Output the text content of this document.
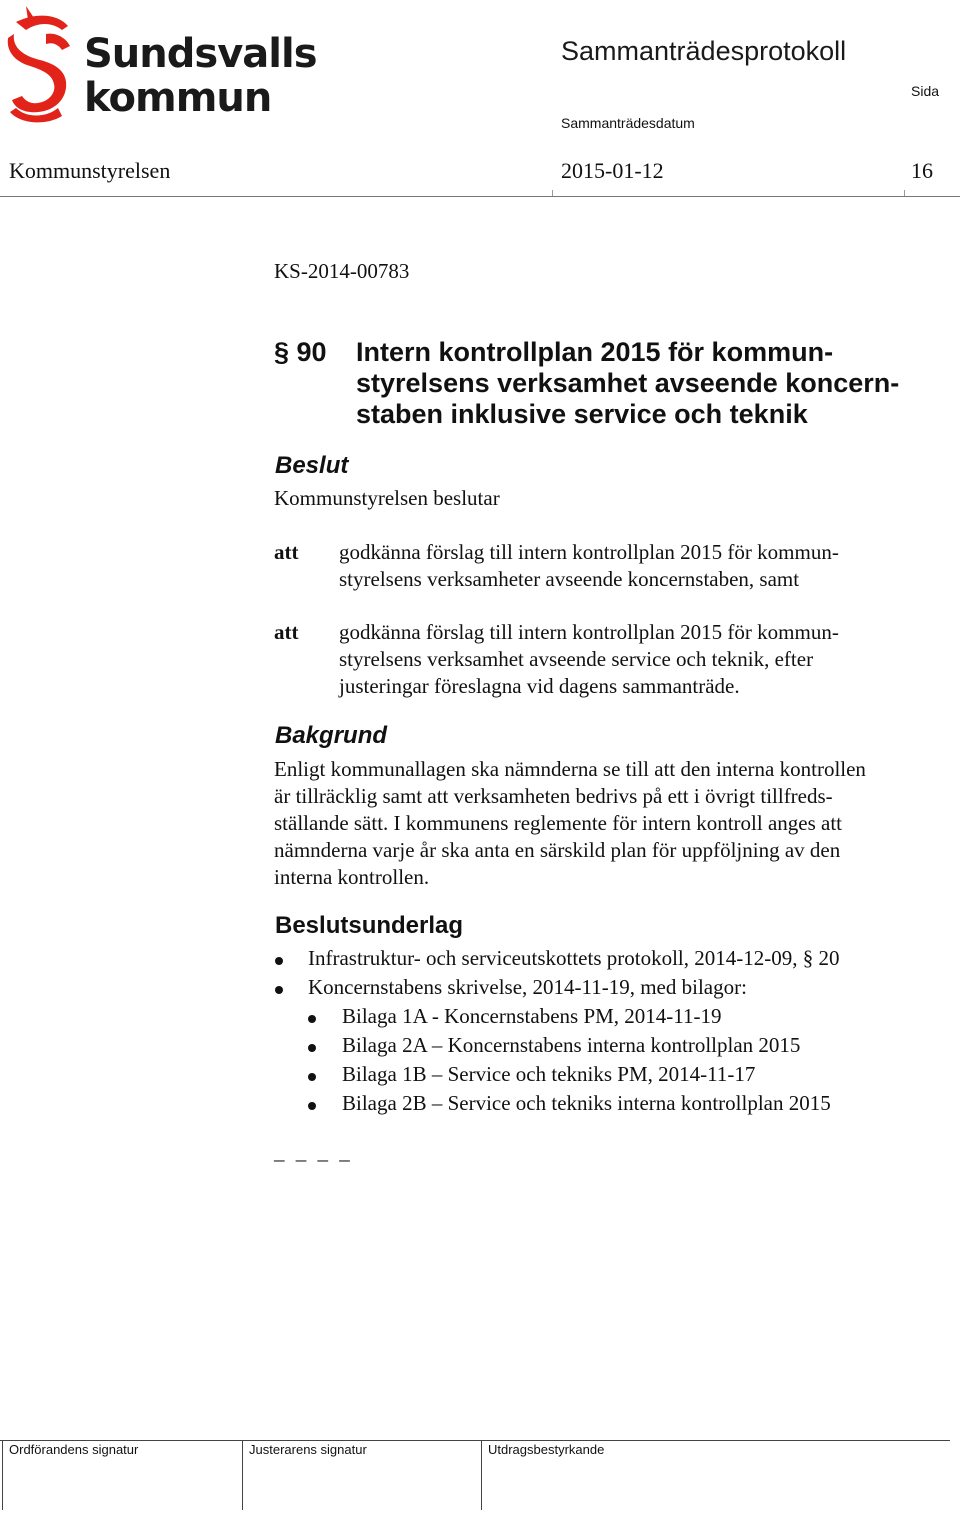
Sundsvalls
kommun
Sammanträdesprotokoll
Sida
Sammanträdesdatum
Kommunstyrelsen	2015-01-12	16
KS-2014-00783
§ 90 Intern kontrollplan 2015 för kommun-
styrelsens verksamhet avseende koncern-
staben inklusive service och teknik
Beslut
Kommunstyrelsen beslutar
att godkänna förslag till intern kontrollplan 2015 för kommun-
styrelsens verksamheter avseende koncernstaben, samt
att godkänna förslag till intern kontrollplan 2015 för kommun-
styrelsens verksamhet avseende service och teknik, efter
justeringar föreslagna vid dagens sammanträde.
Bakgrund
Enligt kommunallagen ska nämnderna se till att den interna kontrollen
är tillräcklig samt att verksamheten bedrivs på ett i övrigt tillfreds-
ställande sätt. I kommunens reglemente för intern kontroll anges att
nämnderna varje år ska anta en särskild plan för uppföljning av den
interna kontrollen.
Beslutsunderlag
Infrastruktur- och serviceutskottets protokoll, 2014-12-09, § 20
Koncernstabens skrivelse, 2014-11-19, med bilagor:
Bilaga 1A - Koncernstabens PM, 2014-11-19
Bilaga 2A – Koncernstabens interna kontrollplan 2015
Bilaga 1B – Service och tekniks PM, 2014-11-17
Bilaga 2B – Service och tekniks interna kontrollplan 2015
_ _ _ _
Ordförandens signatur	Justerarens signatur	Utdragsbestyrkande
